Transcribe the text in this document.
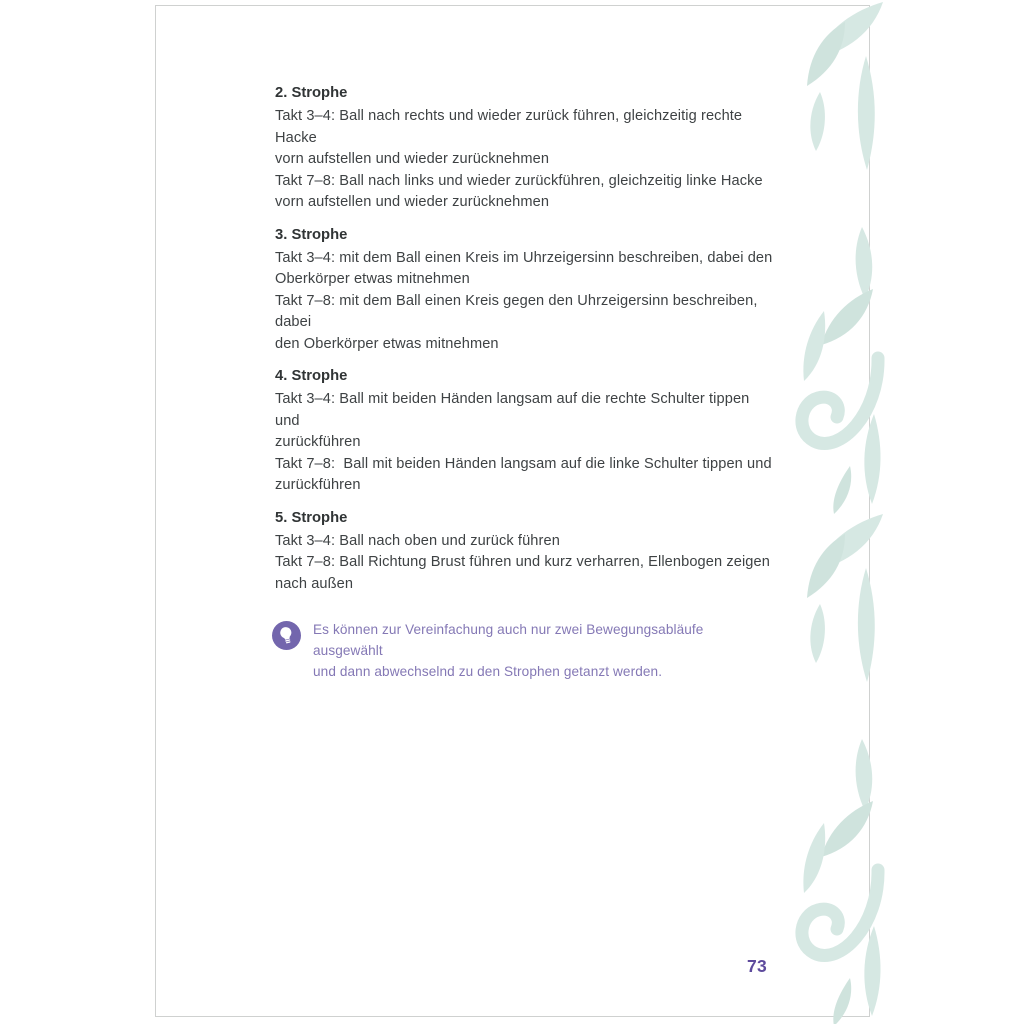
2. Strophe
Takt 3–4: Ball nach rechts und wieder zurück führen, gleichzeitig rechte Hacke
vorn aufstellen und wieder zurücknehmen
Takt 7–8: Ball nach links und wieder zurückführen, gleichzeitig linke Hacke
vorn aufstellen und wieder zurücknehmen
3. Strophe
Takt 3–4: mit dem Ball einen Kreis im Uhrzeigersinn beschreiben, dabei den
Oberkörper etwas mitnehmen
Takt 7–8: mit dem Ball einen Kreis gegen den Uhrzeigersinn beschreiben, dabei
den Oberkörper etwas mitnehmen
4. Strophe
Takt 3–4: Ball mit beiden Händen langsam auf die rechte Schulter tippen und
zurückführen
Takt 7–8:  Ball mit beiden Händen langsam auf die linke Schulter tippen und
zurückführen
5. Strophe
Takt 3–4: Ball nach oben und zurück führen
Takt 7–8: Ball Richtung Brust führen und kurz verharren, Ellenbogen zeigen
nach außen
Es können zur Vereinfachung auch nur zwei Bewegungsabläufe ausgewählt
und dann abwechselnd zu den Strophen getanzt werden.
73
